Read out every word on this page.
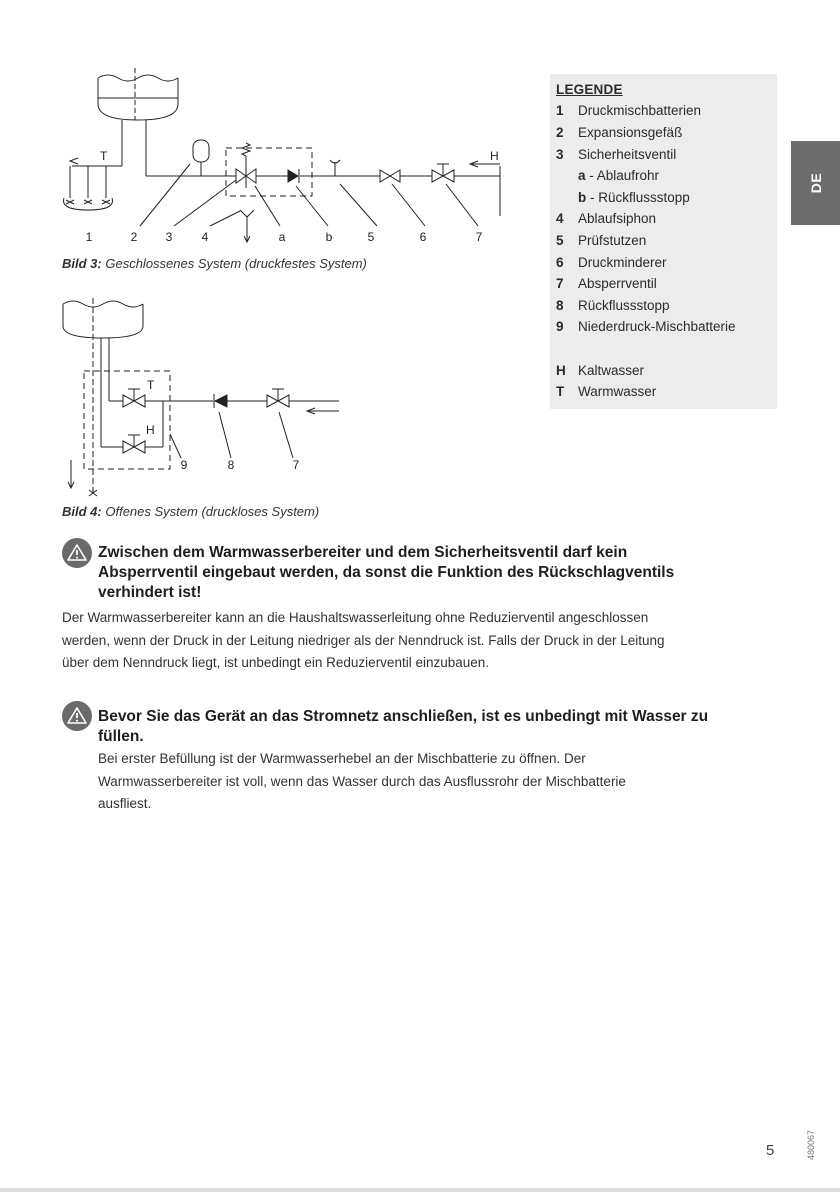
T	H
1	2 3 4	a	b	5	6	7
Bild 3: Geschlossenes System (druckfestes System)
T
H
9	8	7
Bild 4: Offenes System (druckloses System)
LEGENDE
1 Druckmischbatterien
2 Expansionsgefäß
3 Sicherheitsventil
a - Ablaufrohr
b - Rückflussstopp
4 Ablaufsiphon
5 Prüfstutzen
6 Druckminderer
7 Absperrventil
8 Rückflussstopp
9 Niederdruck-Mischbatterie
H Kaltwasser
T Warmwasser
DE
Zwischen dem Warmwasserbereiter und dem Sicherheitsventil darf kein
Absperrventil eingebaut werden, da sonst die Funktion des Rückschlagventils
verhindert ist!
Der Warmwasserbereiter kann an die Haushaltswasserleitung ohne Reduzierventil angeschlossen
werden, wenn der Druck in der Leitung niedriger als der Nenndruck ist. Falls der Druck in der Leitung
über dem Nenndruck liegt, ist unbedingt ein Reduzierventil einzubauen.
Bevor Sie das Gerät an das Stromnetz anschließen, ist es unbedingt mit Wasser zu
füllen.
Bei erster Befüllung ist der Warmwasserhebel an der Mischbatterie zu öffnen. Der
Warmwasserbereiter ist voll, wenn das Wasser durch das Ausflussrohr der Mischbatterie
ausfliest.
5	480067
